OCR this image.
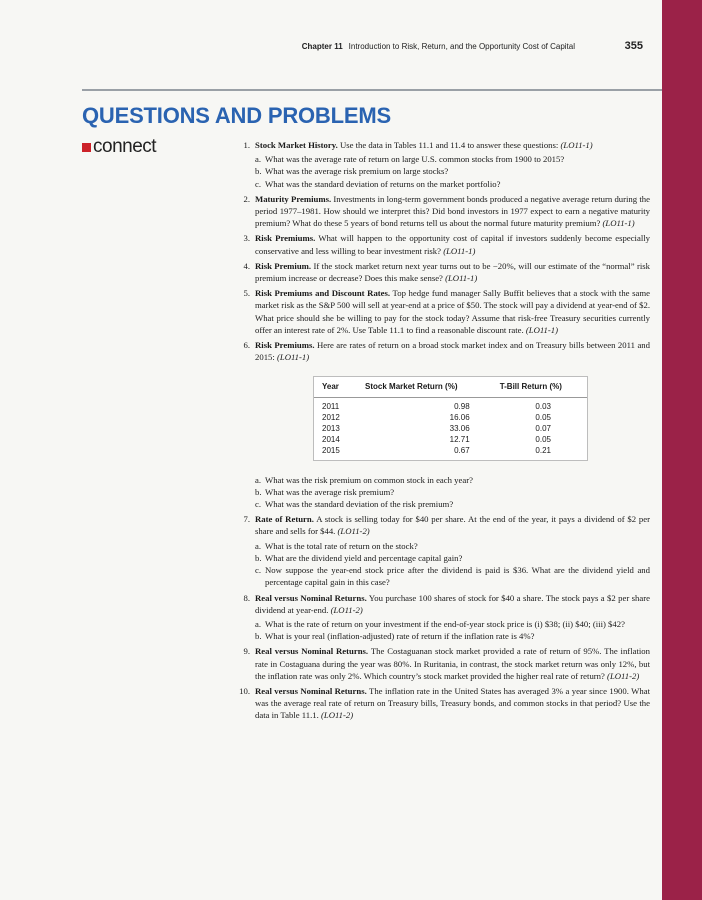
Chapter 11 Introduction to Risk, Return, and the Opportunity Cost of Capital	355
QUESTIONS AND PROBLEMS
connect	1. Stock Market History. Use the data in Tables 11.1 and 11.4 to answer these questions: (LO11-1)
a. What was the average rate of return on large U.S. common stocks from 1900 to 2015?
b. What was the average risk premium on large stocks?
c. What was the standard deviation of returns on the market portfolio?
2. Maturity Premiums. Investments in long-term government bonds produced a negative average return during the period 1977–1981. How should we interpret this? Did bond investors in 1977 expect to earn a negative maturity premium? What do these 5 years of bond returns tell us about the normal future maturity premium? (LO11-1)
3. Risk Premiums. What will happen to the opportunity cost of capital if investors suddenly become especially conservative and less willing to bear investment risk? (LO11-1)
4. Risk Premium. If the stock market return next year turns out to be −20%, will our estimate of the “normal” risk premium increase or decrease? Does this make sense? (LO11-1)
5. Risk Premiums and Discount Rates. Top hedge fund manager Sally Buffit believes that a stock with the same market risk as the S&P 500 will sell at year-end at a price of $50. The stock will pay a dividend at year-end of $2. What price should she be willing to pay for the stock today? Assume that risk-free Treasury securities currently offer an interest rate of 2%. Use Table 11.1 to find a reasonable discount rate. (LO11-1)
6. Risk Premiums. Here are rates of return on a broad stock market index and on Treasury bills between 2011 and 2015: (LO11-1)
Year	Stock Market Return (%)	T-Bill Return (%)
2011	0.98	0.03
2012	16.06	0.05
2013	33.06	0.07
2014	12.71	0.05
2015	0.67	0.21
a. What was the risk premium on common stock in each year?
b. What was the average risk premium?
c. What was the standard deviation of the risk premium?
7. Rate of Return. A stock is selling today for $40 per share. At the end of the year, it pays a dividend of $2 per share and sells for $44. (LO11-2)
a. What is the total rate of return on the stock?
b. What are the dividend yield and percentage capital gain?
c. Now suppose the year-end stock price after the dividend is paid is $36. What are the dividend yield and percentage capital gain in this case?
8. Real versus Nominal Returns. You purchase 100 shares of stock for $40 a share. The stock pays a $2 per share dividend at year-end. (LO11-2)
a. What is the rate of return on your investment if the end-of-year stock price is (i) $38; (ii) $40; (iii) $42?
b. What is your real (inflation-adjusted) rate of return if the inflation rate is 4%?
9. Real versus Nominal Returns. The Costaguanan stock market provided a rate of return of 95%. The inflation rate in Costaguana during the year was 80%. In Ruritania, in contrast, the stock market return was only 12%, but the inflation rate was only 2%. Which country’s stock market provided the higher real rate of return? (LO11-2)
10. Real versus Nominal Returns. The inflation rate in the United States has averaged 3% a year since 1900. What was the average real rate of return on Treasury bills, Treasury bonds, and common stocks in that period? Use the data in Table 11.1. (LO11-2)
